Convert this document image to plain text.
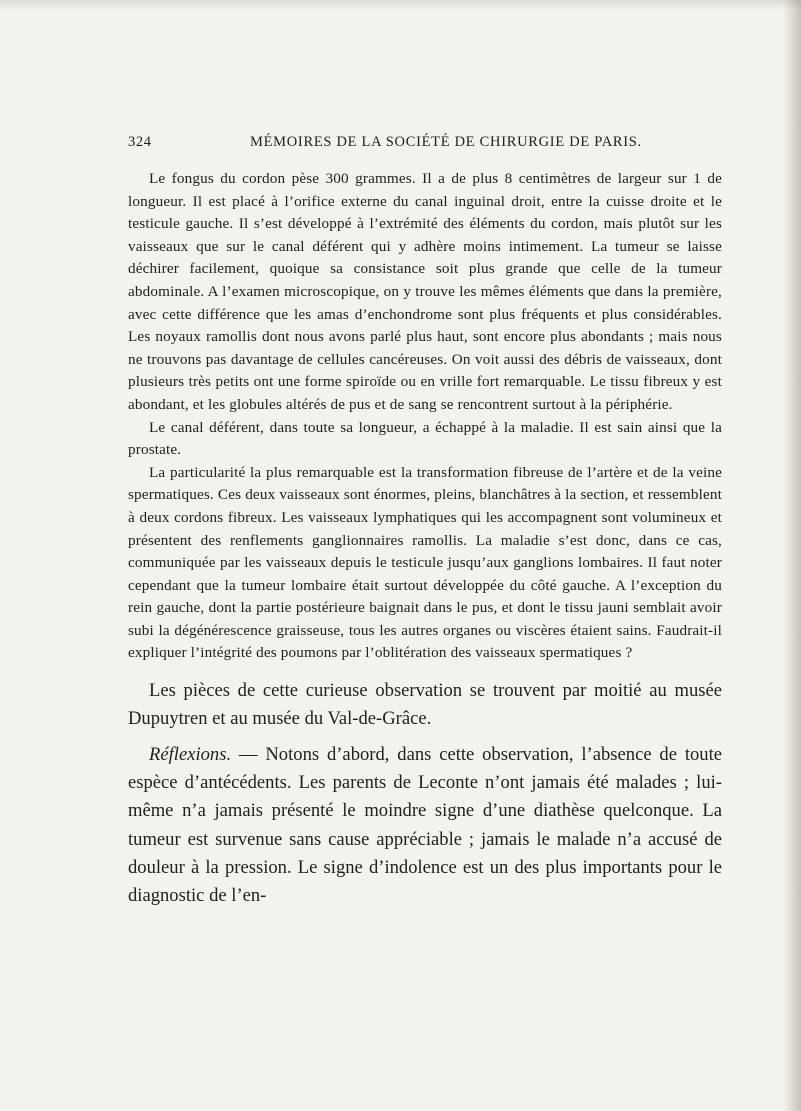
324	MÉMOIRES DE LA SOCIÉTÉ DE CHIRURGIE DE PARIS.

Le fongus du cordon pèse 300 grammes. Il a de plus 8 centimètres de largeur sur 1 de longueur. Il est placé à l’orifice externe du canal inguinal droit, entre la cuisse droite et le testicule gauche. Il s’est développé à l’extrémité des éléments du cordon, mais plutôt sur les vaisseaux que sur le canal déférent qui y adhère moins intimement. La tumeur se laisse déchirer facilement, quoique sa consistance soit plus grande que celle de la tumeur abdominale. A l’examen microscopique, on y trouve les mêmes éléments que dans la première, avec cette différence que les amas d’enchondrome sont plus fréquents et plus considérables. Les noyaux ramollis dont nous avons parlé plus haut, sont encore plus abondants ; mais nous ne trouvons pas davantage de cellules cancéreuses. On voit aussi des débris de vaisseaux, dont plusieurs très petits ont une forme spiroïde ou en vrille fort remarquable. Le tissu fibreux y est abondant, et les globules altérés de pus et de sang se rencontrent surtout à la périphérie.

Le canal déférent, dans toute sa longueur, a échappé à la maladie. Il est sain ainsi que la prostate.

La particularité la plus remarquable est la transformation fibreuse de l’artère et de la veine spermatiques. Ces deux vaisseaux sont énormes, pleins, blanchâtres à la section, et ressemblent à deux cordons fibreux. Les vaisseaux lymphatiques qui les accompagnent sont volumineux et présentent des renflements ganglionnaires ramollis. La maladie s’est donc, dans ce cas, communiquée par les vaisseaux depuis le testicule jusqu’aux ganglions lombaires. Il faut noter cependant que la tumeur lombaire était surtout développée du côté gauche. A l’exception du rein gauche, dont la partie postérieure baignait dans le pus, et dont le tissu jauni semblait avoir subi la dégénérescence graisseuse, tous les autres organes ou viscères étaient sains. Faudrait-il expliquer l’intégrité des poumons par l’oblitération des vaisseaux spermatiques ?

Les pièces de cette curieuse observation se trouvent par moitié au musée Dupuytren et au musée du Val-de-Grâce.

Réflexions. — Notons d’abord, dans cette observation, l’absence de toute espèce d’antécédents. Les parents de Leconte n’ont jamais été malades ; lui-même n’a jamais présenté le moindre signe d’une diathèse quelconque. La tumeur est survenue sans cause appréciable ; jamais le malade n’a accusé de douleur à la pression. Le signe d’indolence est un des plus importants pour le diagnostic de l’en-
